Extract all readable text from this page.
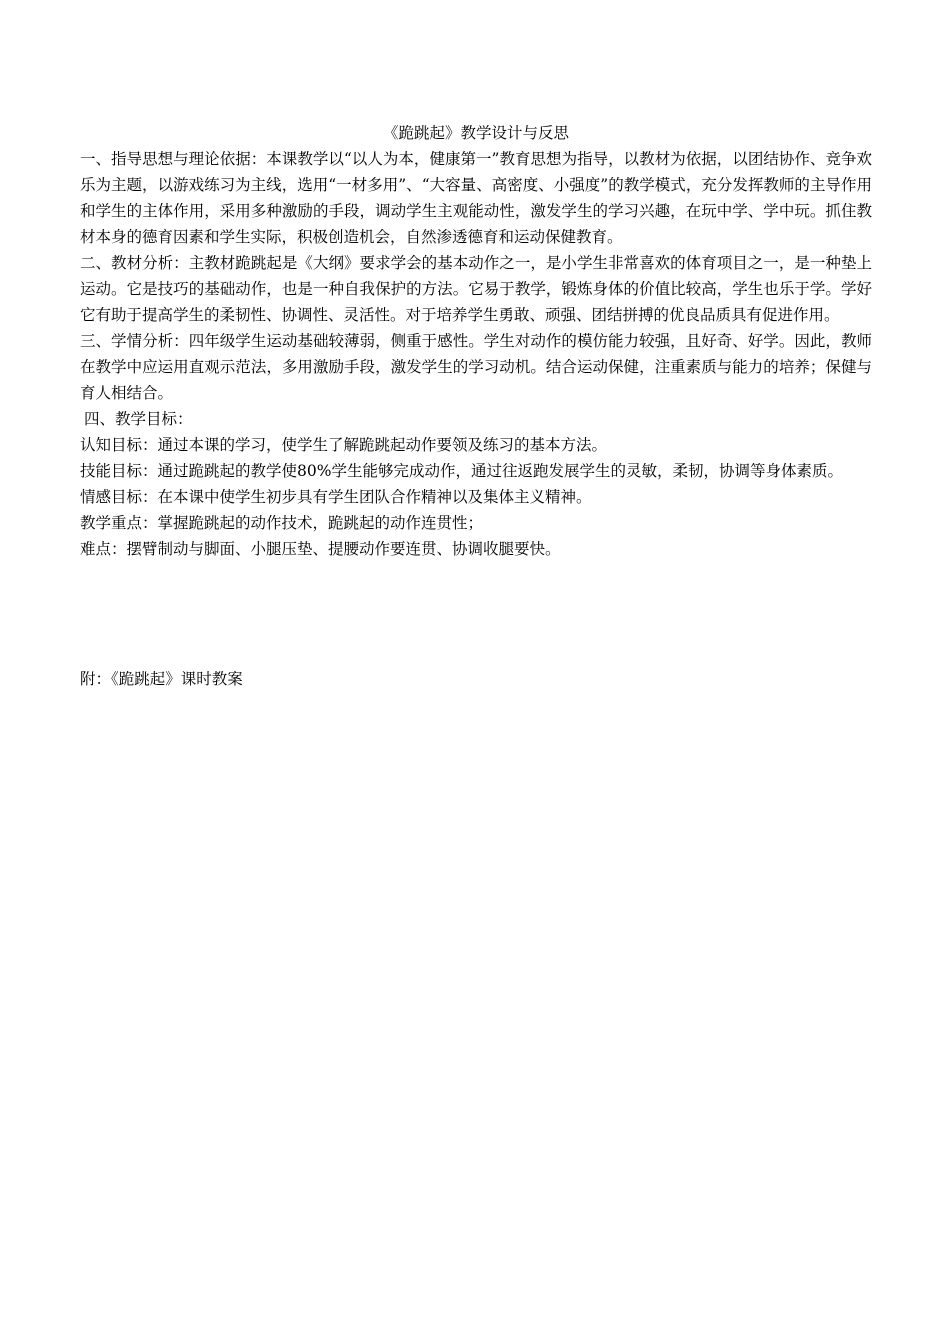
《跪跳起》教学设计与反思

一、指导思想与理论依据：本课教学以“以人为本，健康第一”教育思想为指导，以教材为依据，以团结协作、竞争欢乐为主题，以游戏练习为主线，选用“一材多用”、“大容量、高密度、小强度”的教学模式，充分发挥教师的主导作用和学生的主体作用，采用多种激励的手段，调动学生主观能动性，激发学生的学习兴趣，在玩中学、学中玩。抓住教材本身的德育因素和学生实际，积极创造机会，自然渗透德育和运动保健教育。

二、教材分析：主教材跪跳起是《大纲》要求学会的基本动作之一，是小学生非常喜欢的体育项目之一，是一种垫上运动。它是技巧的基础动作，也是一种自我保护的方法。它易于教学，锻炼身体的价值比较高，学生也乐于学。学好它有助于提高学生的柔韧性、协调性、灵活性。对于培养学生勇敢、顽强、团结拼搏的优良品质具有促进作用。

三、学情分析：四年级学生运动基础较薄弱，侧重于感性。学生对动作的模仿能力较强，且好奇、好学。因此，教师在教学中应运用直观示范法，多用激励手段，激发学生的学习动机。结合运动保健，注重素质与能力的培养；保健与育人相结合。

四、教学目标：

认知目标：通过本课的学习，使学生了解跪跳起动作要领及练习的基本方法。

技能目标：通过跪跳起的教学使80%学生能够完成动作，通过往返跑发展学生的灵敏，柔韧，协调等身体素质。

情感目标：在本课中使学生初步具有学生团队合作精神以及集体主义精神。

教学重点：掌握跪跳起的动作技术，跪跳起的动作连贯性；

难点：摆臂制动与脚面、小腿压垫、提腰动作要连贯、协调收腿要快。

附：《跪跳起》课时教案
